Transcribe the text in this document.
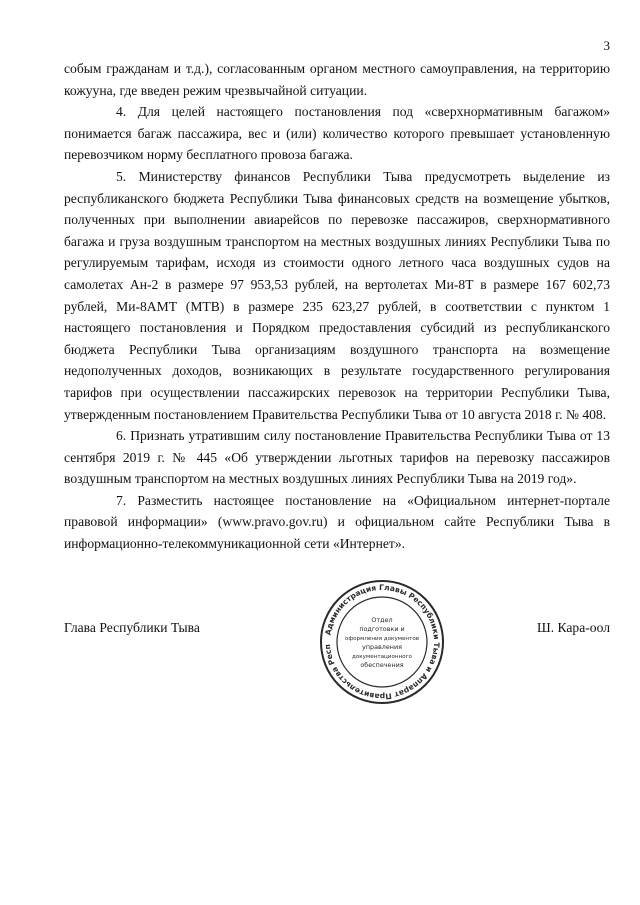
3

собым гражданам и т.д.), согласованным органом местного самоуправления, на территорию кожууна, где введен режим чрезвычайной ситуации.

4. Для целей настоящего постановления под «сверхнормативным багажом» понимается багаж пассажира, вес и (или) количество которого превышает установленную перевозчиком норму бесплатного провоза багажа.

5. Министерству финансов Республики Тыва предусмотреть выделение из республиканского бюджета Республики Тыва финансовых средств на возмещение убытков, полученных при выполнении авиарейсов по перевозке пассажиров, сверхнормативного багажа и груза воздушным транспортом на местных воздушных линиях Республики Тыва по регулируемым тарифам, исходя из стоимости одного летного часа воздушных судов на самолетах Ан-2 в размере 97 953,53 рублей, на вертолетах Ми-8Т в размере 167 602,73 рублей, Ми-8АМТ (МТВ) в размере 235 623,27 рублей, в соответствии с пунктом 1 настоящего постановления и Порядком предоставления субсидий из республиканского бюджета Республики Тыва организациям воздушного транспорта на возмещение недополученных доходов, возникающих в результате государственного регулирования тарифов при осуществлении пассажирских перевозок на территории Республики Тыва, утвержденным постановлением Правительства Республики Тыва от 10 августа 2018 г. № 408.

6. Признать утратившим силу постановление Правительства Республики Тыва от 13 сентября 2019 г. № 445 «Об утверждении льготных тарифов на перевозку пассажиров воздушным транспортом на местных воздушных линиях Республики Тыва на 2019 год».

7. Разместить настоящее постановление на «Официальном интернет-портале правовой информации» (www.pravo.gov.ru) и официальном сайте Республики Тыва в информационно-телекоммуникационной сети «Интернет».

Глава Республики Тыва	Ш. Кара-оол
Администрация Главы Республики Тыва и Аппарат Правительства Респ
Отдел
подготовки и
оформления документов
управления
документационного
обеспечения
